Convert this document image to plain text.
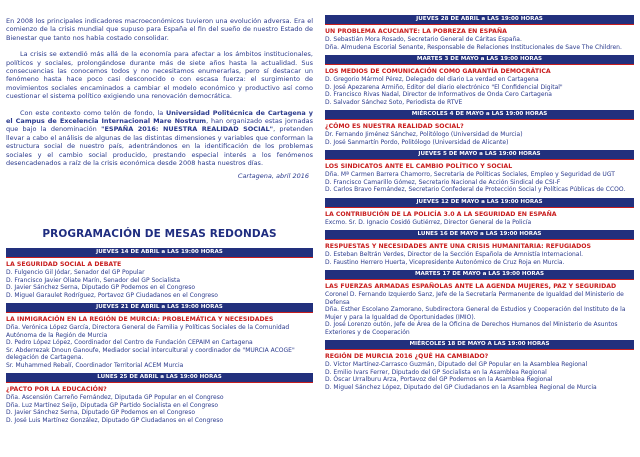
En 2008 los principales indicadores macroeconómicos tuvieron una evolución adversa. Era el comienzo de la crisis mundial que supuso para España el fin del sueño de nuestro Estado de Bienestar que tanto nos había costado consolidar.

La crisis se extendió más allá de la economía para afectar a los ámbitos institucionales, políticos y sociales, prolongándose durante más de siete años hasta la actualidad. Sus consecuencias las conocemos todos y no necesitamos enumerarlas, pero sí destacar un fenómeno hasta hace poco casi desconocido o con escasa fuerza: el surgimiento de movimientos sociales encaminados a cambiar el modelo económico y productivo así como cuestionar el sistema político exigiendo una renovación democrática.

Con este contexto como telón de fondo, la Universidad Politécnica de Cartagena y el Campus de Excelencia Internacional Mare Nostrum, han organizado estas jornadas que bajo la denominación "ESPAÑA 2016: NUESTRA REALIDAD SOCIAL", pretenden llevar a cabo el análisis de algunas de las distintas dimensiones y variables que conforman la estructura social de nuestro país, adentrándonos en la identificación de los problemas sociales y el cambio social producido, prestando especial interés a los fenómenos desencadenados a raíz de la crisis económica desde 2008 hasta nuestros días.

Cartagena, abril 2016
PROGRAMACIÓN DE MESAS REDONDAS
JUEVES 14 DE ABRIL a LAS 19:00 HORAS
LA SEGURIDAD SOCIAL A DEBATE
D. Fulgencio Gil Jódar, Senador del GP Popular
D. Francisco Javier Oliate Marín, Senador del GP Socialista
D. Javier Sánchez Serna, Diputado GP Podemos en el Congreso
D. Miguel Garaulet Rodríguez, Portavoz GP Ciudadanos en el Congreso
JUEVES 21 DE ABRIL a LAS 19:00 HORAS
LA INMIGRACIÓN EN LA REGIÓN DE MURCIA: PROBLEMÁTICA Y NECESIDADES
Dña. Verónica López García, Directora General de Familia y Políticas Sociales de la Comunidad Autónoma de la Región de Murcia
D. Pedro López López, Coordinador del Centro de Fundación CEPAIM en Cartagena
Sr. Abderrezak Dnoun Ganoufe, Mediador social intercultural y coordinador de "MURCIA ACOGE" delegación de Cartagena.
Sr. Muhammed Rebalí, Coordinador Territorial ACEM Murcia
LUNES 25 DE ABRIL a LAS 19:00 HORAS
¿PACTO POR LA EDUCACIÓN?
Dña. Ascensión Carreño Fernández, Diputada GP Popular en el Congreso
Dña. Luz Martínez Seijo, Diputada GP Partido Socialista en el Congreso
D. Javier Sánchez Serna, Diputado GP Podemos en el Congreso
D. José Luis Martínez González, Diputado GP Ciudadanos en el Congreso
JUEVES 28 DE ABRIL a LAS 19:00 HORAS
UN PROBLEMA ACUCIANTE: LA POBREZA EN ESPAÑA
D. Sebastián Mora Rosado, Secretario General de Cáritas España.
Dña. Almudena Escorial Senante, Responsable de Relaciones Institucionales de Save The Children.
MARTES 3 DE MAYO a LAS 19:00 HORAS
LOS MEDIOS DE COMUNICACIÓN COMO GARANTÍA DEMOCRÁTICA
D. Gregorio Mármol Pérez, Delegado del diario La verdad en Cartagena
D. José Apezarena Armiño, Editor del diario electrónico "El Confidencial Digital"
D. Francisco Rivas Nadal, Director de Informativos de Onda Cero Cartagena
D. Salvador Sánchez Soto, Periodista de RTVE
MIÉRCOLES 4 DE MAYO a LAS 19:00 HORAS
¿CÓMO ES NUESTRA REALIDAD SOCIAL?
Dr. Fernando Jiménez Sánchez, Politólogo (Universidad de Murcia)
D. José Sanmartín Pordo, Politólogo (Universidad de Alicante)
JUEVES 5 DE MAYO a LAS 19:00 HORAS
LOS SINDICATOS ANTE EL CAMBIO POLÍTICO Y SOCIAL
Dña. Mª Carmen Barrera Chamorro, Secretaria de Políticas Sociales, Empleo y Seguridad de UGT
D. Francisco Camarillo Gómez, Secretario Nacional de Acción Sindical de CSI-F
D. Carlos Bravo Fernández, Secretario Confederal de Protección Social y Políticas Públicas de CCOO.
JUEVES 12 DE MAYO a LAS 19:00 HORAS
LA CONTRIBUCIÓN DE LA POLICÍA 3.0 A LA SEGURIDAD EN ESPAÑA
Excmo. Sr. D. Ignacio Cosidó Gutiérrez, Director General de la Policía
LUNES 16 DE MAYO a LAS 19:00 HORAS
RESPUESTAS Y NECESIDADES ANTE UNA CRISIS HUMANITARIA: REFUGIADOS
D. Esteban Beltrán Verdes, Director de la Sección Española de Amnistía Internacional.
D. Faustino Herrero Huerta, Vicepresidente Autonómico de Cruz Roja en Murcia.
MARTES 17 DE MAYO a LAS 19:00 HORAS
LAS FUERZAS ARMADAS ESPAÑOLAS ANTE LA AGENDA MUJERES, PAZ Y SEGURIDAD
Coronel D. Fernando Izquierdo Sanz, Jefe de la Secretaría Permanente de Igualdad del Ministerio de Defensa
Dña. Esther Escolano Zamorano, Subdirectora General de Estudios y Cooperación del Instituto de la Mujer y para la Igualdad de Oportunidades (IMIO).
D. José Lorenzo outón, Jefe de Área de la Oficina de Derechos Humanos del Ministerio de Asuntos Exteriores y de Cooperación
MIÉRCOLES 18 DE MAYO A LAS 19:00 HORAS
REGIÓN DE MURCIA 2016 ¿QUÉ HA CAMBIADO?
D. Víctor Martínez-Carrasco Guzmán, Diputado del GP Popular en la Asamblea Regional
D. Emilio Ivars Ferrer, Diputado del GP Socialista en la Asamblea Regional
D. Óscar Urralburu Arza, Portavoz del GP Podemos en la Asamblea Regional
D. Miguel Sánchez López, Diputado del GP Ciudadanos en la Asamblea Regional de Murcia
